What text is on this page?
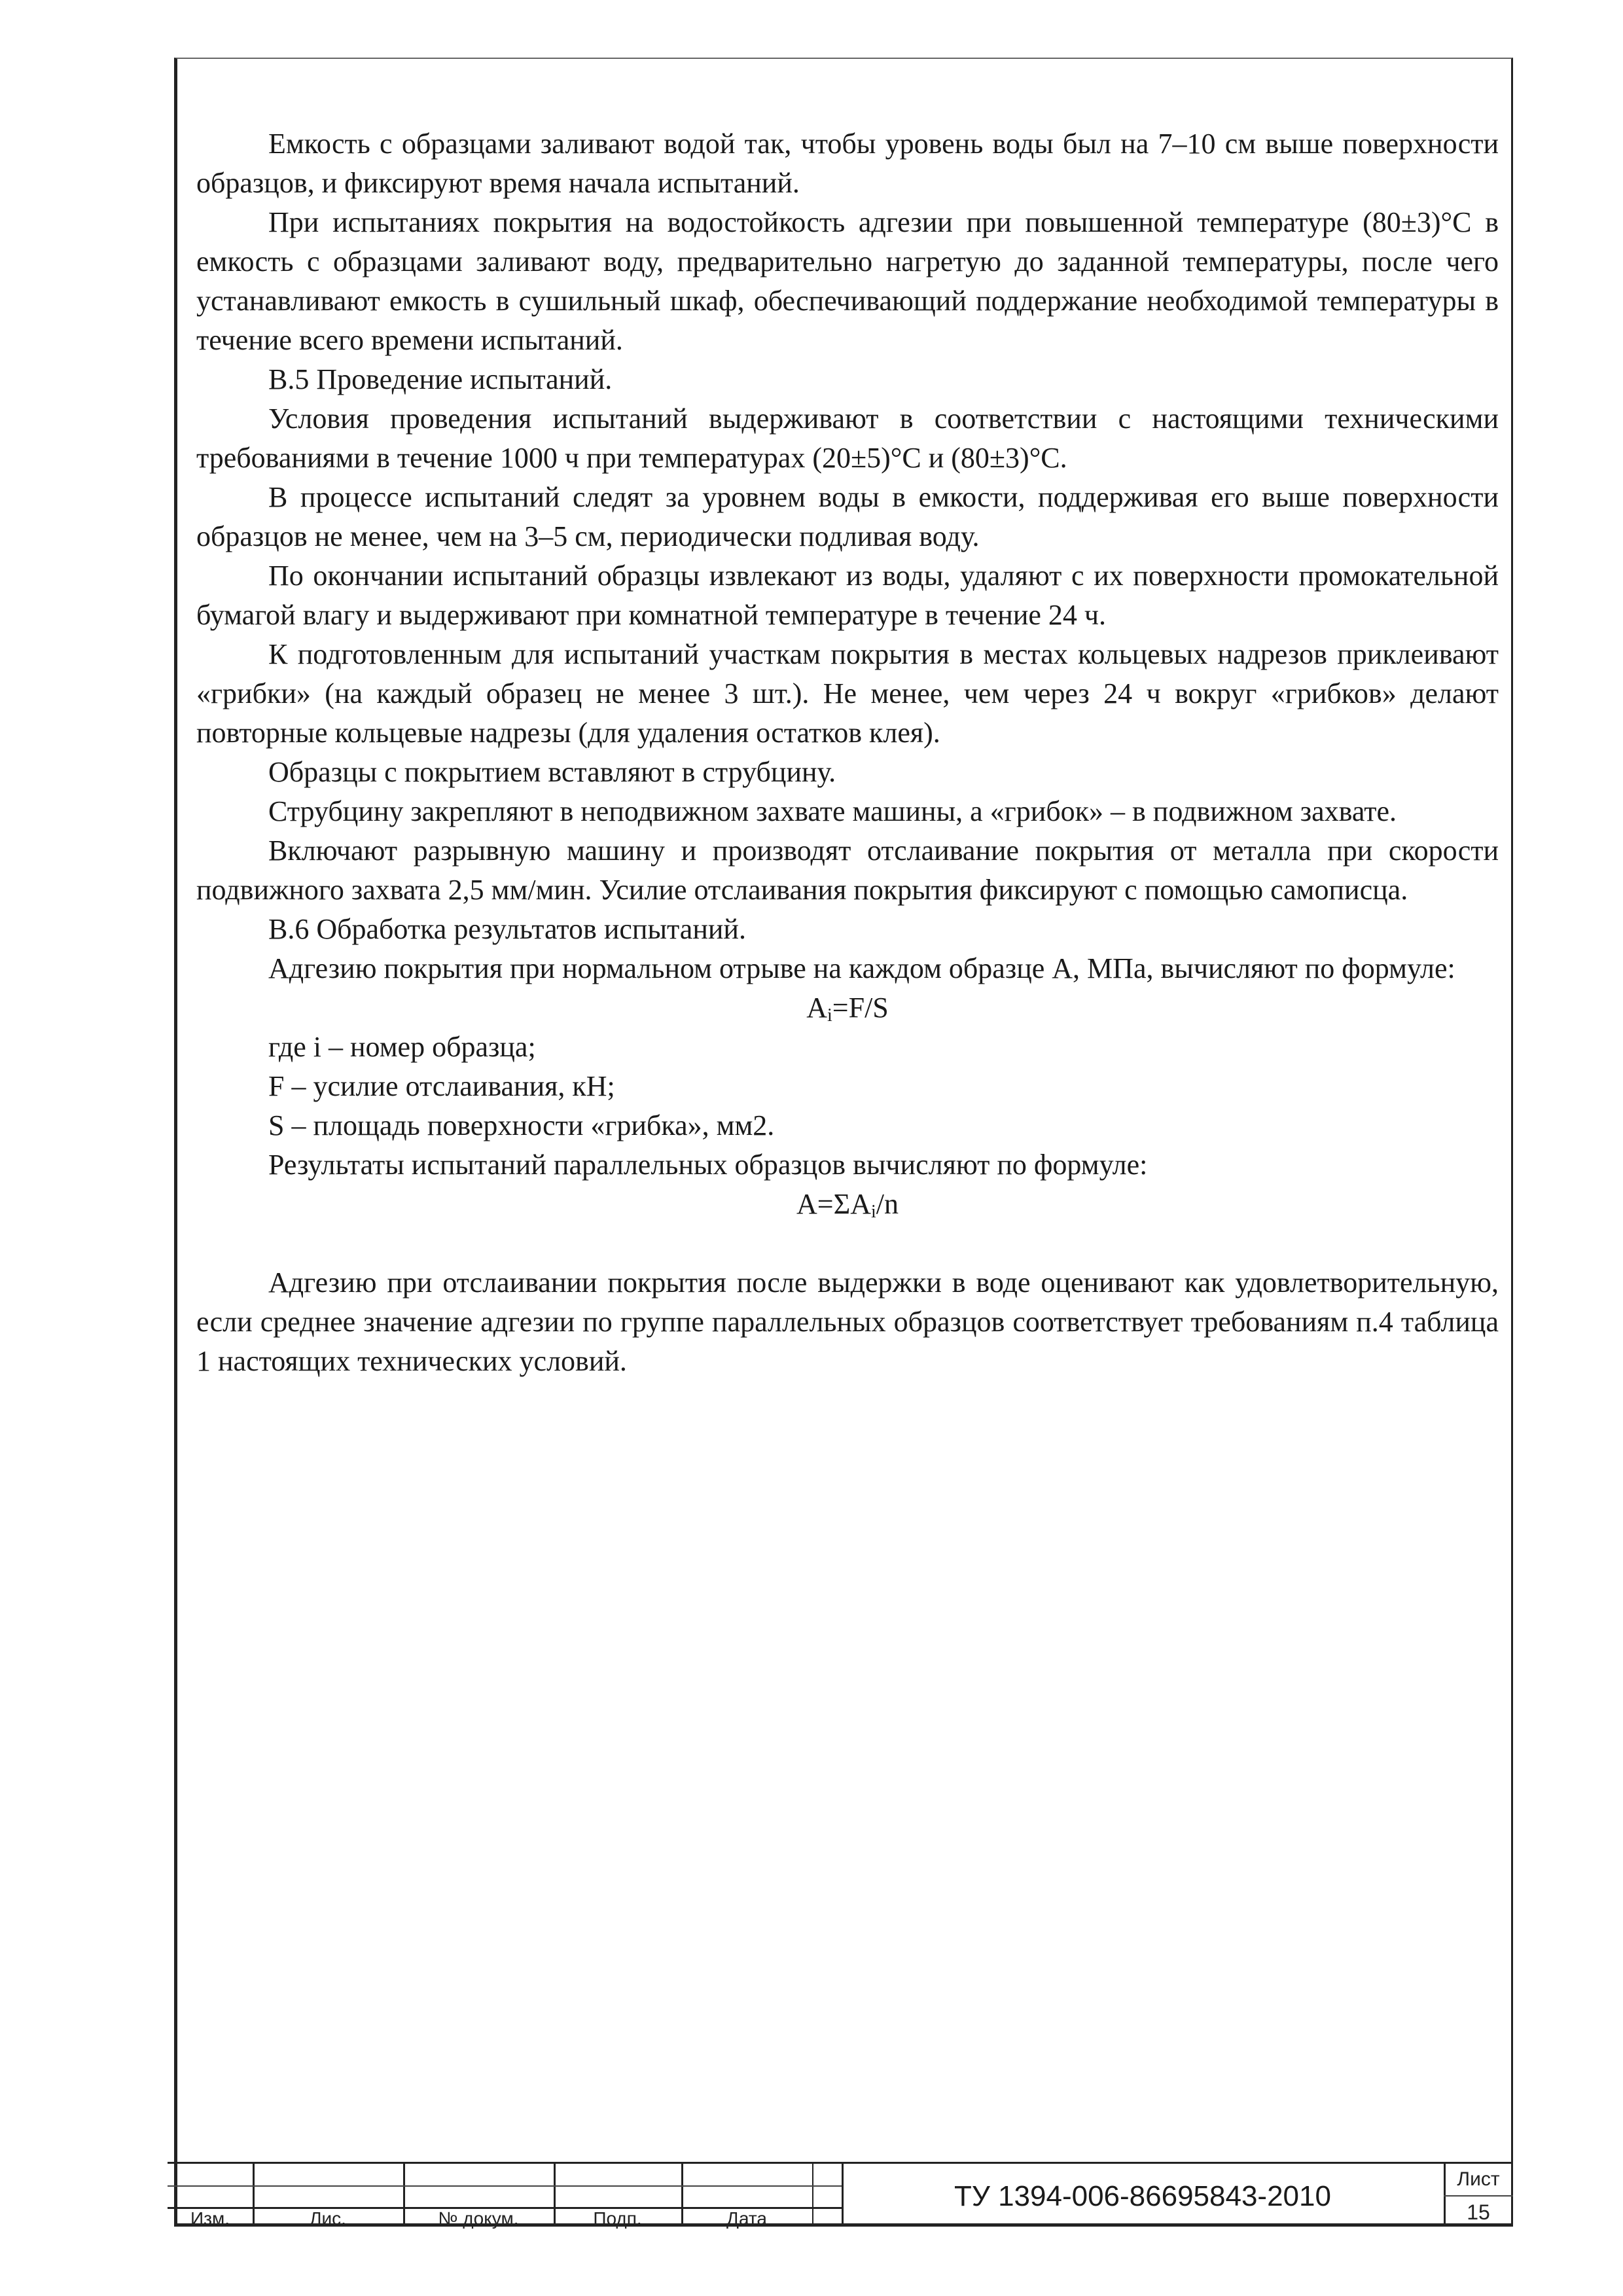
Емкость с образцами заливают водой так, чтобы уровень воды был на 7–10 см выше поверхности образцов, и фиксируют время начала испытаний.

При испытаниях покрытия на водостойкость адгезии при повышенной температуре (80±3)°С в емкость с образцами заливают воду, предварительно нагретую до заданной температуры, после чего устанавливают емкость в сушильный шкаф, обеспечивающий поддержание необходимой температуры в течение всего времени испытаний.

В.5 Проведение испытаний.

Условия проведения испытаний выдерживают в соответствии с настоящими техническими требованиями в течение 1000 ч при температурах (20±5)°С и (80±3)°С.

В процессе испытаний следят за уровнем воды в емкости, поддерживая его выше поверхности образцов не менее, чем на 3–5 см, периодически подливая воду.

По окончании испытаний образцы извлекают из воды, удаляют с их поверхности промокательной бумагой влагу и выдерживают при комнатной температуре в течение 24 ч.

К подготовленным для испытаний участкам покрытия в местах кольцевых надрезов приклеивают «грибки» (на каждый образец не менее 3 шт.). Не менее, чем через 24 ч вокруг «грибков» делают повторные кольцевые надрезы (для удаления остатков клея).

Образцы с покрытием вставляют в струбцину.

Струбцину закрепляют в неподвижном захвате машины, а «грибок» – в подвижном захвате.

Включают разрывную машину и производят отслаивание покрытия от металла при скорости подвижного захвата 2,5 мм/мин. Усилие отслаивания покрытия фиксируют с помощью самописца.

В.6 Обработка результатов испытаний.

Адгезию покрытия при нормальном отрыве на каждом образце А, МПа, вычисляют по формуле:

$A_i=F/S$

где i – номер образца;

F – усилие отслаивания, кН;

S – площадь поверхности «грибка», мм2.

Результаты испытаний параллельных образцов вычисляют по формуле:

$A=\Sigma A_i/n$

Адгезию при отслаивании покрытия после выдержки в воде оценивают как удовлетворительную, если среднее значение адгезии по группе параллельных образцов соответствует требованиям п.4 таблица 1 настоящих технических условий.

Изм.	Лис.	№ докум.	Подп.	Дата
ТУ 1394-006-86695843-2010
Лист
15
